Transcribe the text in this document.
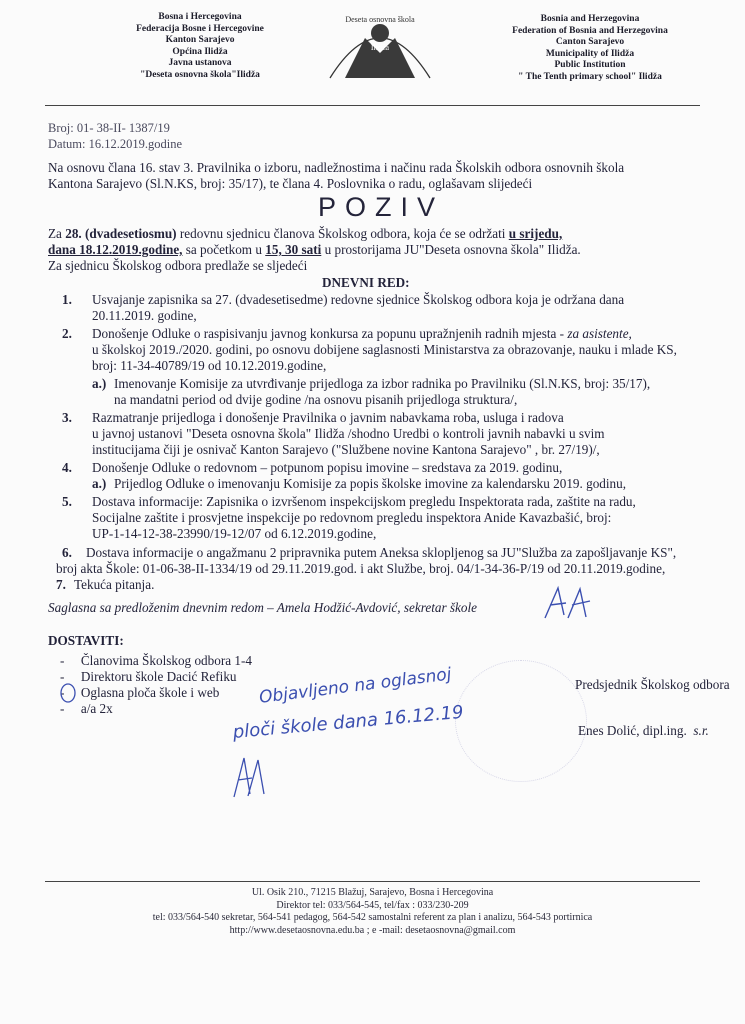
Bosna i Hercegovina
Federacija Bosne i Hercegovine
Kanton Sarajevo
Općina Ilidža
Javna ustanova
"Deseta osnovna škola"Ilidža
Deseta osnovna škola
Ilidža
Bosnia and Herzegovina
Federation of Bosnia and Herzegovina
Canton Sarajevo
Municipality of Ilidža
Public Institution
" The Tenth primary school" Ilidža
Broj: 01- 38-II- 1387/19
Datum: 16.12.2019.godine
Na osnovu člana 16. stav 3. Pravilnika o izboru, nadležnostima i načinu rada Školskih odbora osnovnih škola
Kantona Sarajevo (Sl.N.KS, broj: 35/17), te člana 4. Poslovnika o radu, oglašavam slijedeći
POZIV
Za 28. (dvadesetiosmu) redovnu sjednicu članova Školskog odbora, koja će se održati u srijedu,
dana 18.12.2019.godine, sa početkom u 15, 30 sati u prostorijama JU"Deseta osnovna škola" Ilidža.
Za sjednicu Školskog odbora predlaže se sljedeći
DNEVNI RED:
1. Usvajanje zapisnika sa 27. (dvadesetisedme) redovne sjednice Školskog odbora koja je održana dana
20.11.2019. godine,
2. Donošenje Odluke o raspisivanju javnog konkursa za popunu upražnjenih radnih mjesta - za asistente,
u školskoj 2019./2020. godini, po osnovu dobijene saglasnosti Ministarstva za obrazovanje, nauku i mlade KS,
broj: 11-34-40789/19 od 10.12.2019.godine,
a.) Imenovanje Komisije za utvrđivanje prijedloga za izbor radnika po Pravilniku (Sl.N.KS, broj: 35/17),
na mandatni period od dvije godine /na osnovu pisanih prijedloga struktura/,
3. Razmatranje prijedloga i donošenje Pravilnika o javnim nabavkama roba, usluga i radova
u javnoj ustanovi "Deseta osnovna škola" Ilidža /shodno Uredbi o kontroli javnih nabavki u svim
institucijama čiji je osnivač Kanton Sarajevo ("Službene novine Kantona Sarajevo" , br. 27/19)/,
4. Donošenje Odluke o redovnom – potpunom popisu imovine – sredstava za 2019. godinu,
a.) Prijedlog Odluke o imenovanju Komisije za popis školske imovine za kalendarsku 2019. godinu,
5. Dostava informacije: Zapisnika o izvršenom inspekcijskom pregledu Inspektorata rada, zaštite na radu,
Socijalne zaštite i prosvjetne inspekcije po redovnom pregledu inspektora Anide Kavazbašić, broj:
UP-1-14-12-38-23990/19-12/07 od 6.12.2019.godine,
6. Dostava informacije o angažmanu 2 pripravnika putem Aneksa sklopljenog sa JU"Služba za zapošljavanje KS",
broj akta Škole: 01-06-38-II-1334/19 od 29.11.2019.god. i akt Službe, broj. 04/1-34-36-P/19 od 20.11.2019.godine,
7. Tekuća pitanja.
Saglasna sa predloženim dnevnim redom – Amela Hodžić-Avdović, sekretar škole
DOSTAVITI:
-     Članovima Školskog odbora 1-4
-     Direktoru škole Dacić Refiku
-     Oglasna ploča škole i web
-     a/a 2x
Objavljeno na oglasnoj
ploči škole dana 16.12.19
Predsjednik Školskog odbora
Enes Dolić, dipl.ing. s.r.
Ul. Osik 210., 71215 Blažuj, Sarajevo, Bosna i Hercegovina
Direktor tel: 033/564-545, tel/fax : 033/230-209
tel: 033/564-540 sekretar, 564-541 pedagog, 564-542 samostalni referent za plan i analizu, 564-543 portirnica
http://www.desetaosnovna.edu.ba ; e -mail: desetaosnovna@gmail.com
